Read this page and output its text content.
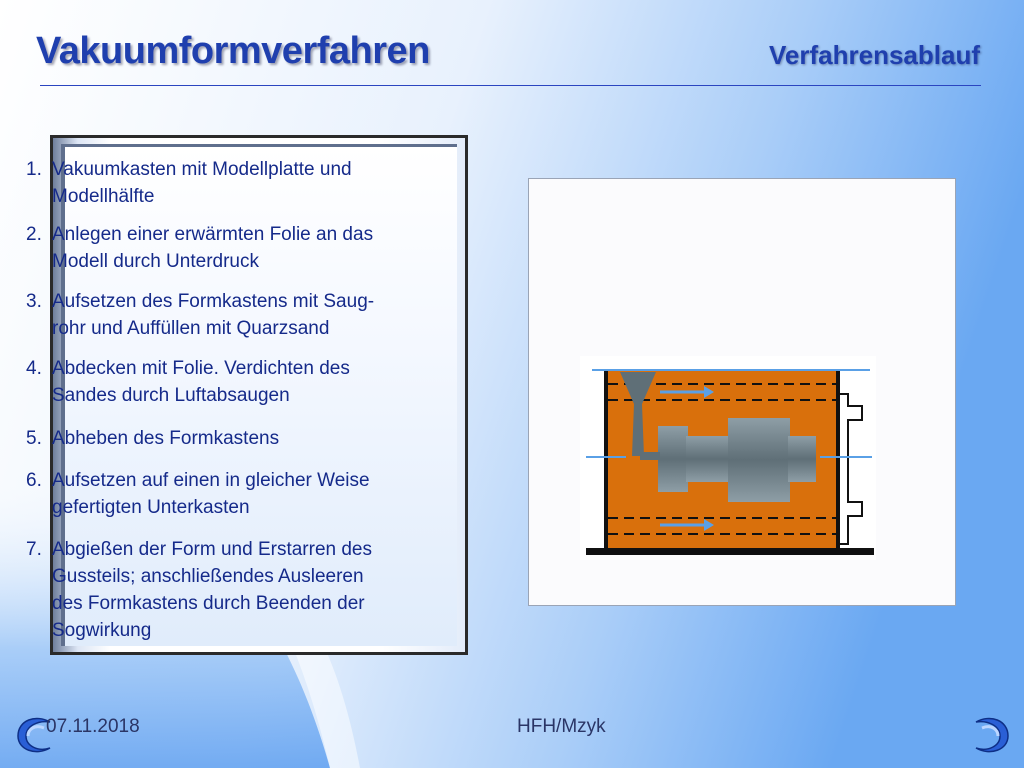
Vakuumformverfahren	Verfahrensablauf
1. Vakuumkasten mit Modellplatte und Modellhälfte
2. Anlegen einer erwärmten Folie an das Modell durch Unterdruck
3. Aufsetzen des Formkastens mit Saug-rohr und Auffüllen mit Quarzsand
4. Abdecken mit Folie. Verdichten des Sandes durch Luftabsaugen
5. Abheben des Formkastens
6. Aufsetzen auf einen in gleicher Weise gefertigten Unterkasten
7. Abgießen der Form und Erstarren des Gussteils; anschließendes Ausleeren des Formkastens durch Beenden der Sogwirkung
07.11.2018	HFH/Mzyk
